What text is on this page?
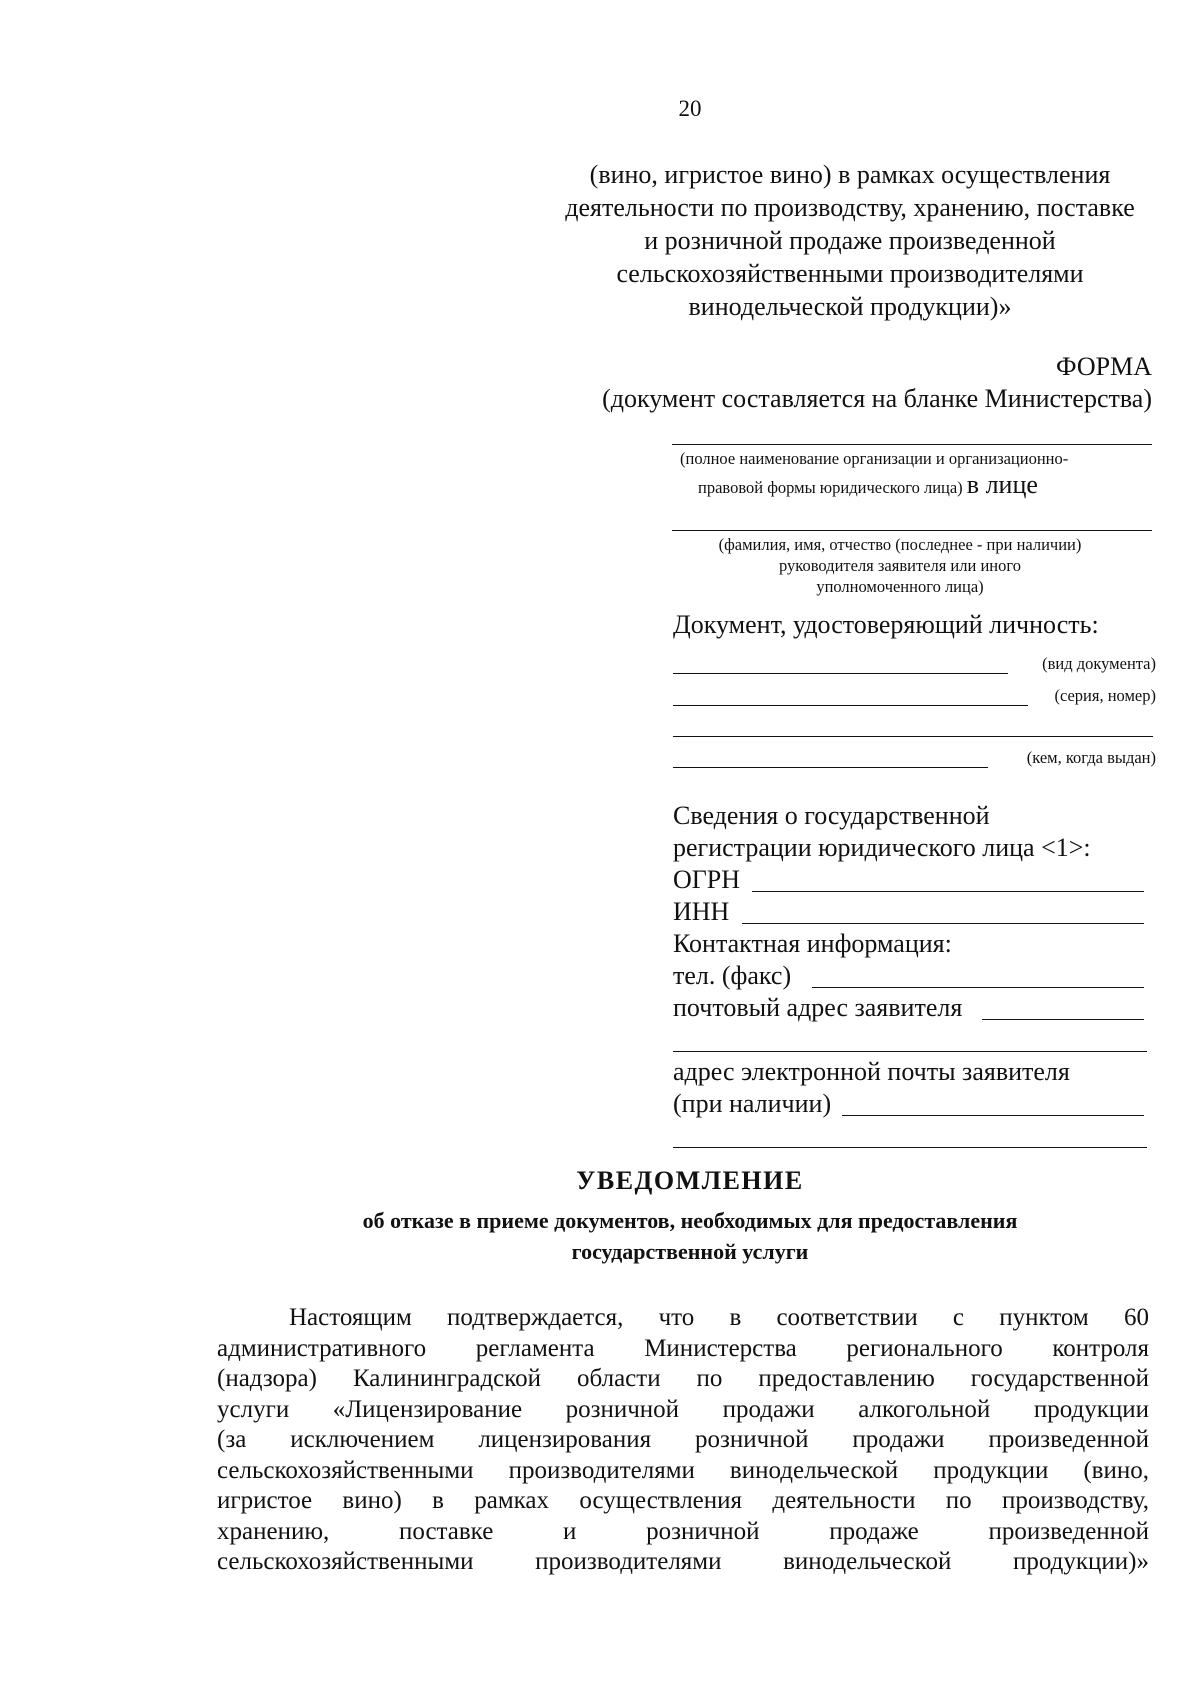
20
(вино, игристое вино) в рамках осуществления
деятельности по производству, хранению, поставке
и розничной продаже произведенной
сельскохозяйственными производителями
винодельческой продукции)»
ФОРМА
(документ составляется на бланке Министерства)
(полное наименование организации и организационно-
правовой формы юридического лица) в лице
(фамилия, имя, отчество (последнее - при наличии)
руководителя заявителя или иного
уполномоченного лица)
Документ, удостоверяющий личность:
(вид документа)
(серия, номер)
(кем, когда выдан)
Сведения о государственной
регистрации юридического лица <1>:
ОГРН
ИНН
Контактная информация:
тел. (факс)
почтовый адрес заявителя
адрес электронной почты заявителя
(при наличии)
УВЕДОМЛЕНИЕ
об отказе в приеме документов, необходимых для предоставления
государственной услуги
Настоящим подтверждается, что в соответствии с пунктом 60
административного регламента Министерства регионального контроля
(надзора) Калининградской области по предоставлению государственной
услуги «Лицензирование розничной продажи алкогольной продукции
(за исключением лицензирования розничной продажи произведенной
сельскохозяйственными производителями винодельческой продукции (вино,
игристое вино) в рамках осуществления деятельности по производству,
хранению,	поставке	и	розничной	продаже	произведенной
сельскохозяйственными производителями винодельческой продукции)»
